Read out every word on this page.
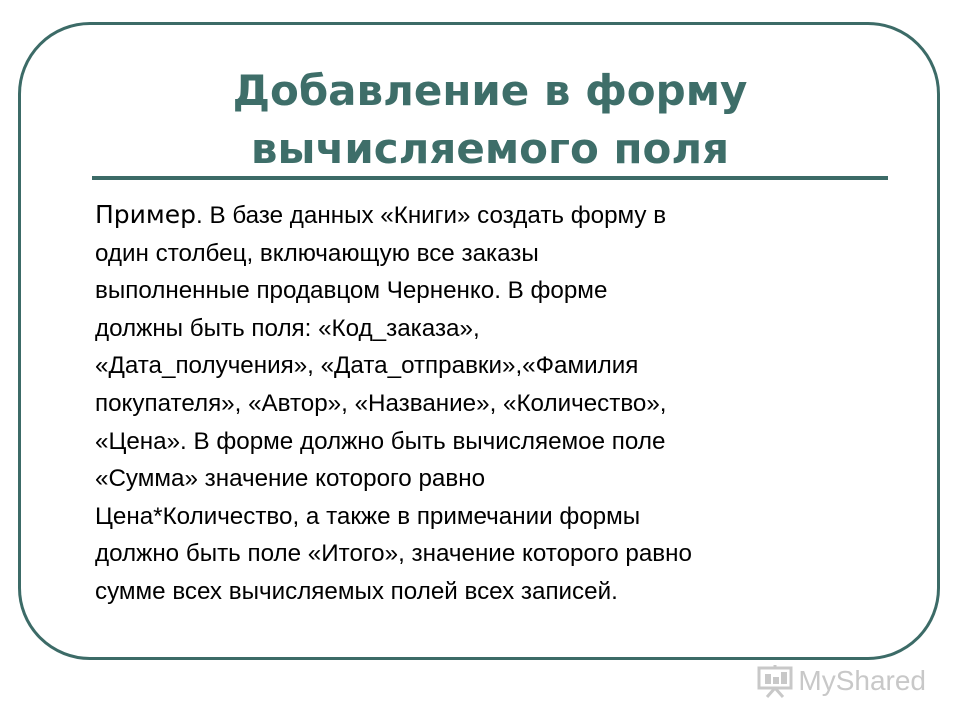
Добавление в форму
вычисляемого поля

Пример. В базе данных «Книги» создать форму в
один столбец, включающую все заказы
выполненные продавцом Черненко. В форме
должны быть поля: «Код_заказа»,
«Дата_получения», «Дата_отправки»,«Фамилия
покупателя», «Автор», «Название», «Количество»,
«Цена». В форме должно быть вычисляемое поле
«Сумма» значение которого равно
Цена*Количество, а также в примечании формы
должно быть поле «Итого», значение которого равно
сумме всех вычисляемых полей всех записей.

MyShared
